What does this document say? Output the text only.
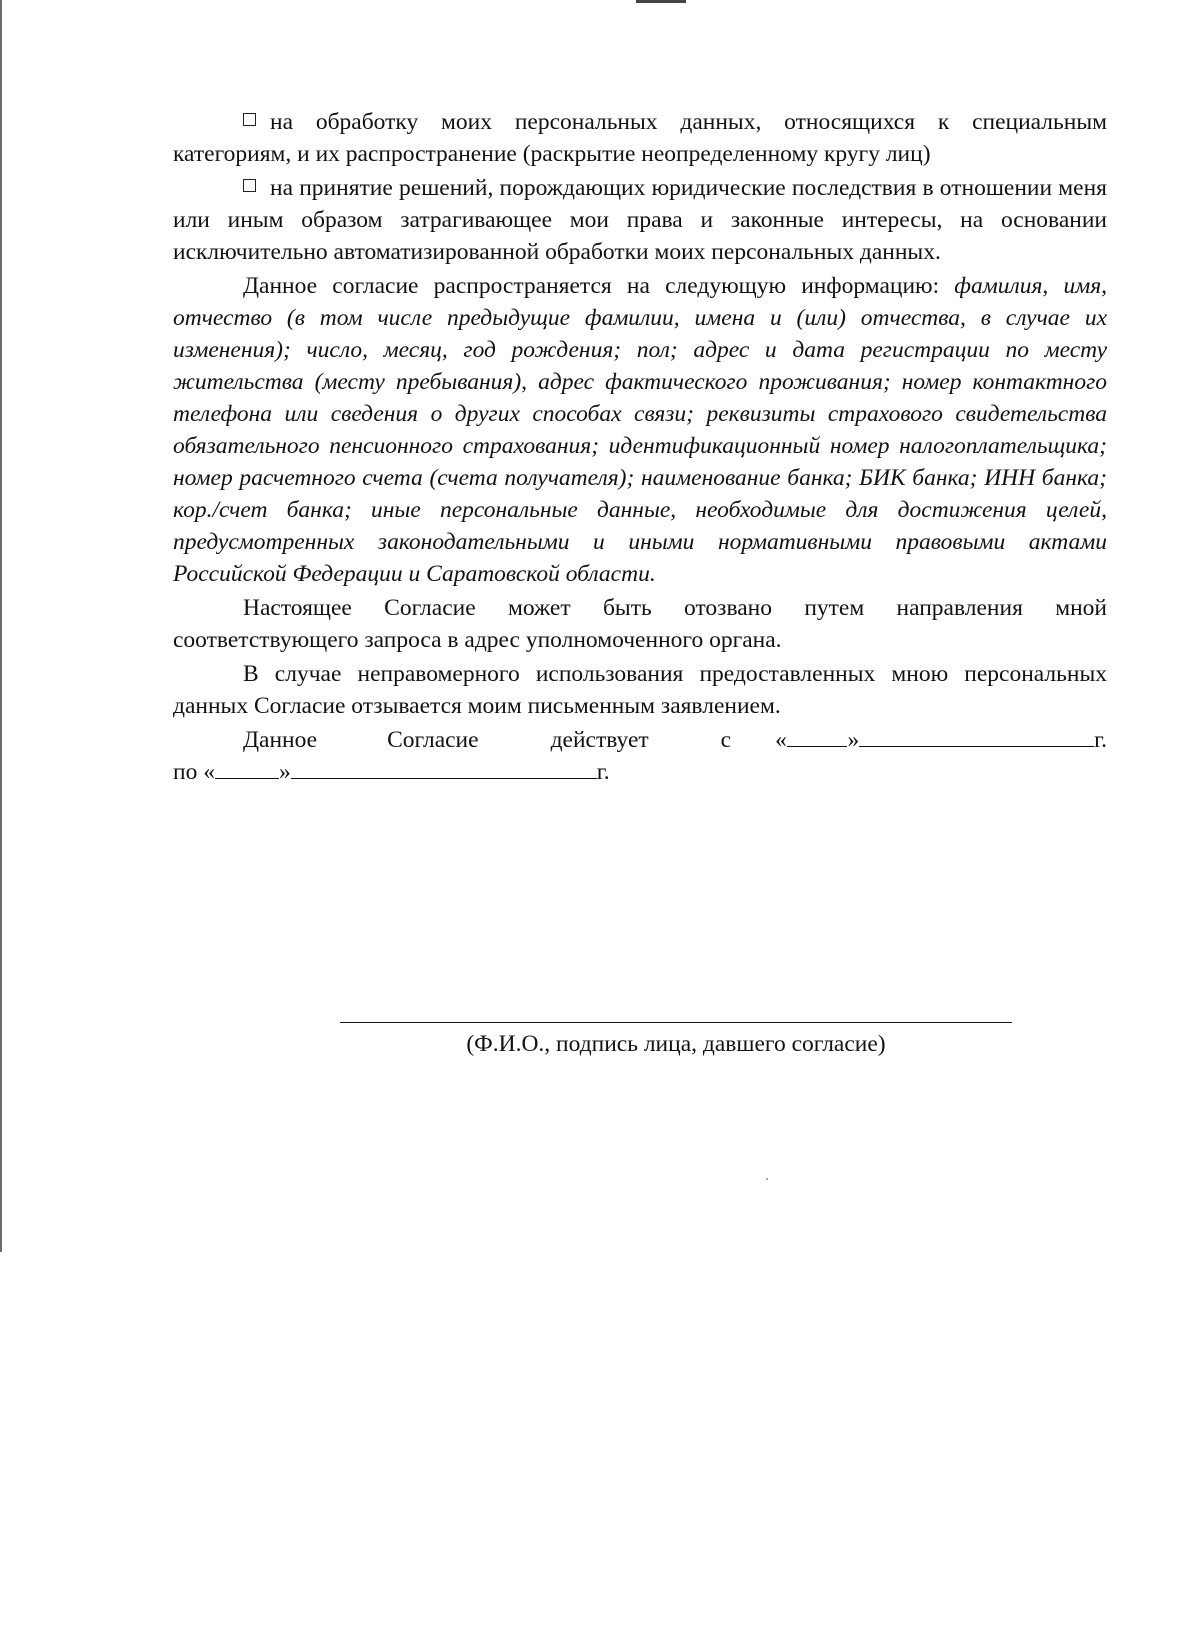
на обработку моих персональных данных, относящихся к специальным категориям, и их распространение (раскрытие неопределенному кругу лиц)

на принятие решений, порождающих юридические последствия в отношении меня или иным образом затрагивающее мои права и законные интересы, на основании исключительно автоматизированной обработки моих персональных данных.

Данное согласие распространяется на следующую информацию: фамилия, имя, отчество (в том числе предыдущие фамилии, имена и (или) отчества, в случае их изменения); число, месяц, год рождения; пол; адрес и дата регистрации по месту жительства (месту пребывания), адрес фактического проживания; номер контактного телефона или сведения о других способах связи; реквизиты страхового свидетельства обязательного пенсионного страхования; идентификационный номер налогоплательщика; номер расчетного счета (счета получателя); наименование банка; БИК банка; ИНН банка; кор./счет банка; иные персональные данные, необходимые для достижения целей, предусмотренных законодательными и иными нормативными правовыми актами Российской Федерации и Саратовской области.

Настоящее Согласие может быть отозвано путем направления мной соответствующего запроса в адрес уполномоченного органа.

В случае неправомерного использования предоставленных мною персональных данных Согласие отзывается моим письменным заявлением.

Данное	Согласие	действует	с «	»	г.
по «	»	г.
(Ф.И.О., подпись лица, давшего согласие)
